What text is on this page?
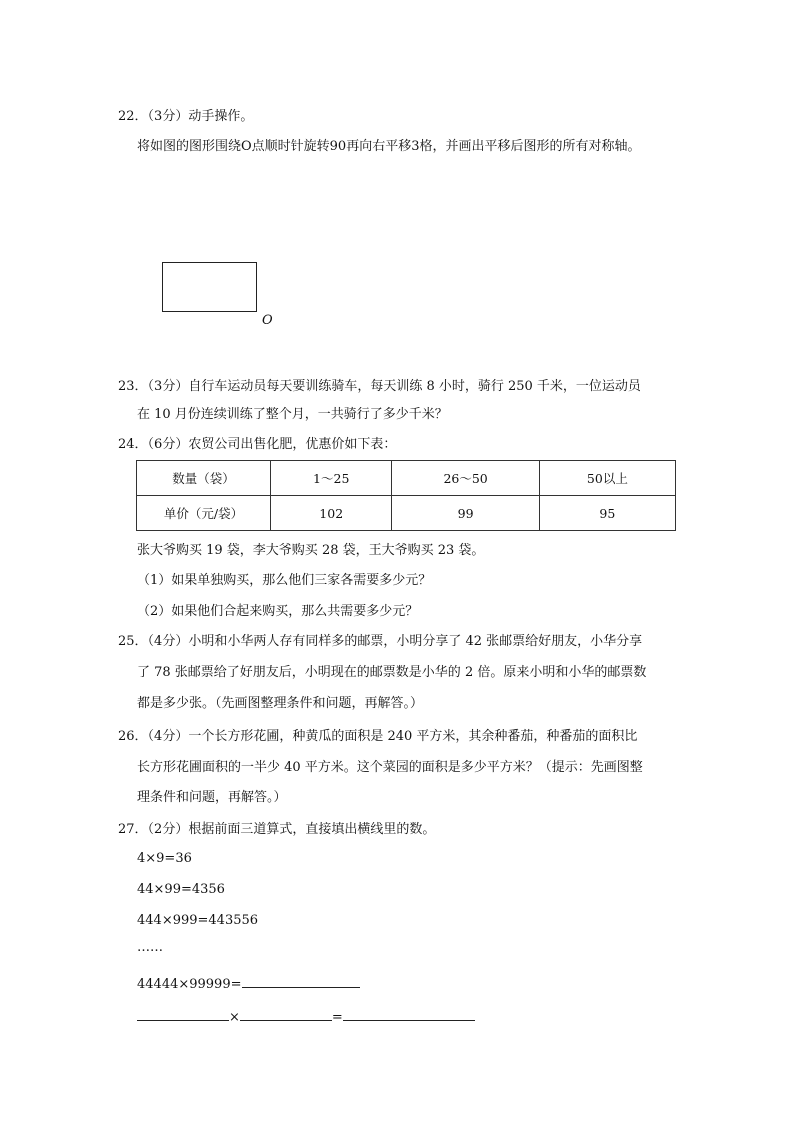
22．（3分）动手操作。
将如图的图形围绕O点顺时针旋转90再向右平移3格，并画出平移后图形的所有对称轴。
O
23．（3分）自行车运动员每天要训练骑车，每天训练 8 小时，骑行 250 千米，一位运动员
在 10 月份连续训练了整个月，一共骑行了多少千米？
24．（6分）农贸公司出售化肥，优惠价如下表：
数量（袋）	1～25	26～50	50以上
单价（元/袋）	102	99	95
张大爷购买 19 袋，李大爷购买 28 袋，王大爷购买 23 袋。
（1）如果单独购买，那么他们三家各需要多少元？
（2）如果他们合起来购买，那么共需要多少元？
25．（4分）小明和小华两人存有同样多的邮票，小明分享了 42 张邮票给好朋友，小华分享
了 78 张邮票给了好朋友后，小明现在的邮票数是小华的 2 倍。原来小明和小华的邮票数
都是多少张。（先画图整理条件和问题，再解答。）
26．（4分）一个长方形花圃，种黄瓜的面积是 240 平方米，其余种番茄，种番茄的面积比
长方形花圃面积的一半少 40 平方米。这个菜园的面积是多少平方米？（提示：先画图整
理条件和问题，再解答。）
27．（2分）根据前面三道算式，直接填出横线里的数。
4×9=36
44×99=4356
444×999=443556
……
44444×99999=
×	=
